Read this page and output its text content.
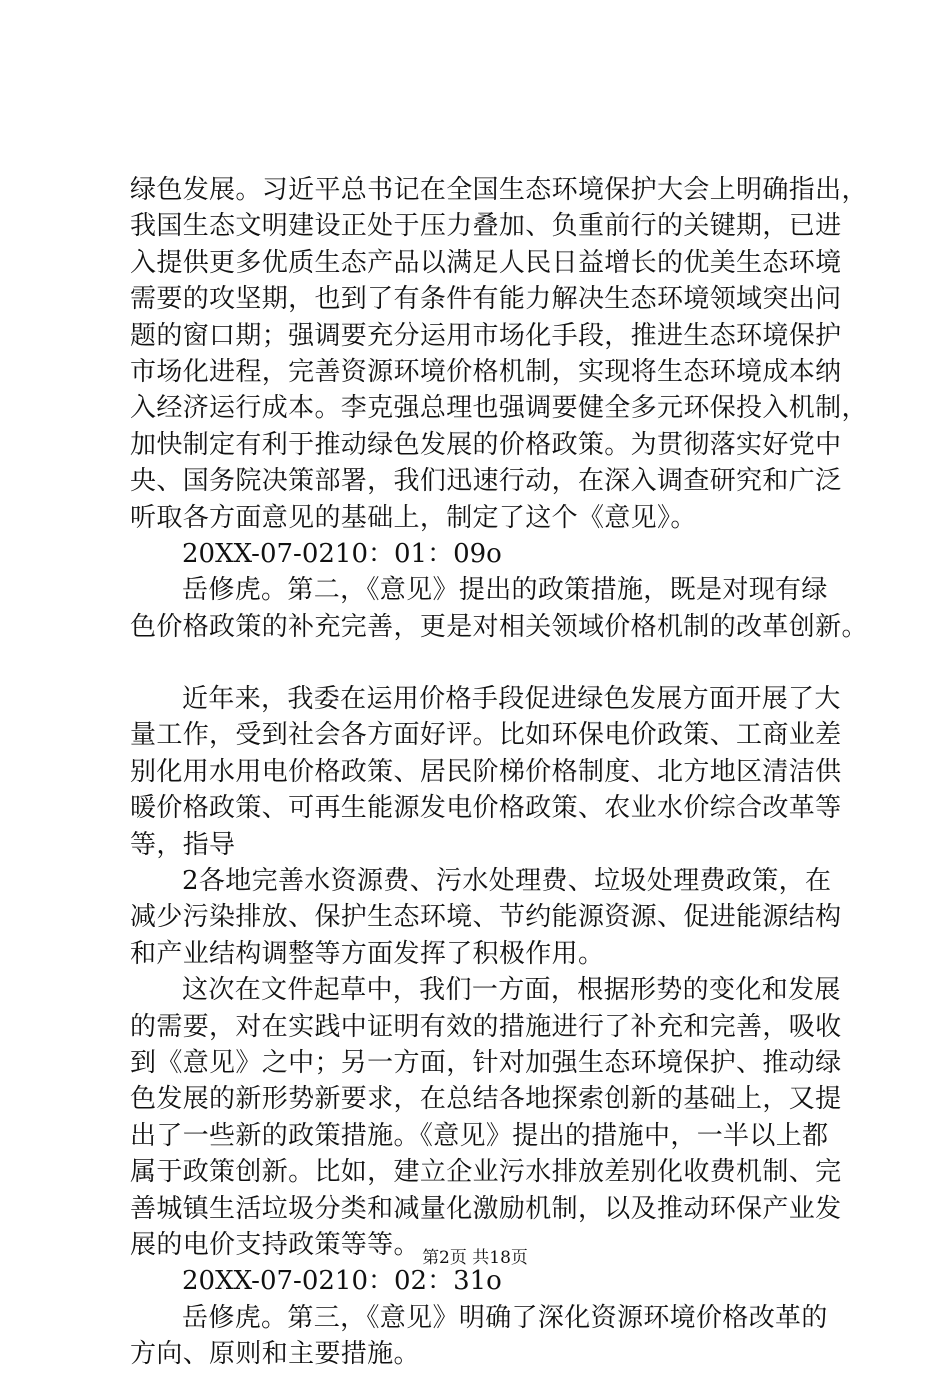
绿色发展。习近平总书记在全国生态环境保护大会上明确指出，
我国生态文明建设正处于压力叠加、负重前行的关键期，已进
入提供更多优质生态产品以满足人民日益增长的优美生态环境
需要的攻坚期，也到了有条件有能力解决生态环境领域突出问
题的窗口期；强调要充分运用市场化手段，推进生态环境保护
市场化进程，完善资源环境价格机制，实现将生态环境成本纳
入经济运行成本。李克强总理也强调要健全多元环保投入机制，
加快制定有利于推动绿色发展的价格政策。为贯彻落实好党中
央、国务院决策部署，我们迅速行动，在深入调查研究和广泛
听取各方面意见的基础上，制定了这个《意见》。
20XX-07-0210：01：09o
岳修虎。第二，《意见》提出的政策措施，既是对现有绿
色价格政策的补充完善，更是对相关领域价格机制的改革创新。
近年来，我委在运用价格手段促进绿色发展方面开展了大
量工作，受到社会各方面好评。比如环保电价政策、工商业差
别化用水用电价格政策、居民阶梯价格制度、北方地区清洁供
暖价格政策、可再生能源发电价格政策、农业水价综合改革等
等，指导
2各地完善水资源费、污水处理费、垃圾处理费政策，在
减少污染排放、保护生态环境、节约能源资源、促进能源结构
和产业结构调整等方面发挥了积极作用。
这次在文件起草中，我们一方面，根据形势的变化和发展
的需要，对在实践中证明有效的措施进行了补充和完善，吸收
到《意见》之中；另一方面，针对加强生态环境保护、推动绿
色发展的新形势新要求，在总结各地探索创新的基础上，又提
出了一些新的政策措施。《意见》提出的措施中，一半以上都
属于政策创新。比如，建立企业污水排放差别化收费机制、完
善城镇生活垃圾分类和减量化激励机制，以及推动环保产业发
展的电价支持政策等等。
20XX-07-0210：02：31o
岳修虎。第三，《意见》明确了深化资源环境价格改革的
方向、原则和主要措施。
第2页 共18页
